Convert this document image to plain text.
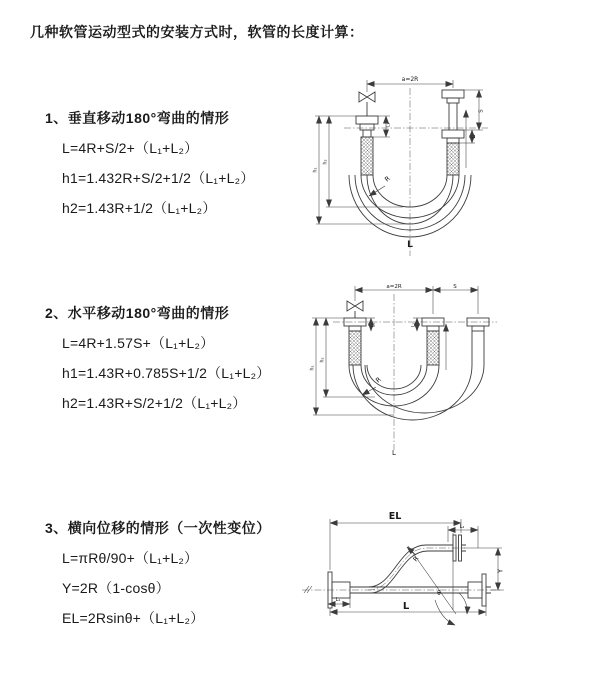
几种软管运动型式的安装方式时，软管的长度计算：
1、垂直移动180°弯曲的情形
L=4R+S/2+（L₁+L₂）
h1=1.432R+S/2+1/2（L₁+L₂）
h2=1.43R+1/2（L₁+L₂）
2、水平移动180°弯曲的情形
L=4R+1.57S+（L₁+L₂）
h1=1.43R+0.785S+1/2（L₁+L₂）
h2=1.43R+S/2+1/2（L₁+L₂）
3、横向位移的情形（一次性变位）
L=πRθ/90+（L₁+L₂）
Y=2R（1-cosθ）
EL=2Rsinθ+（L₁+L₂）
a=2R
L₁
S
L₂
h₁
h₂
R
L
a=2R	S
L₁	L₂
h₁
h₂
R
L
EL
L₂
Y
L
L₁
θ
R
